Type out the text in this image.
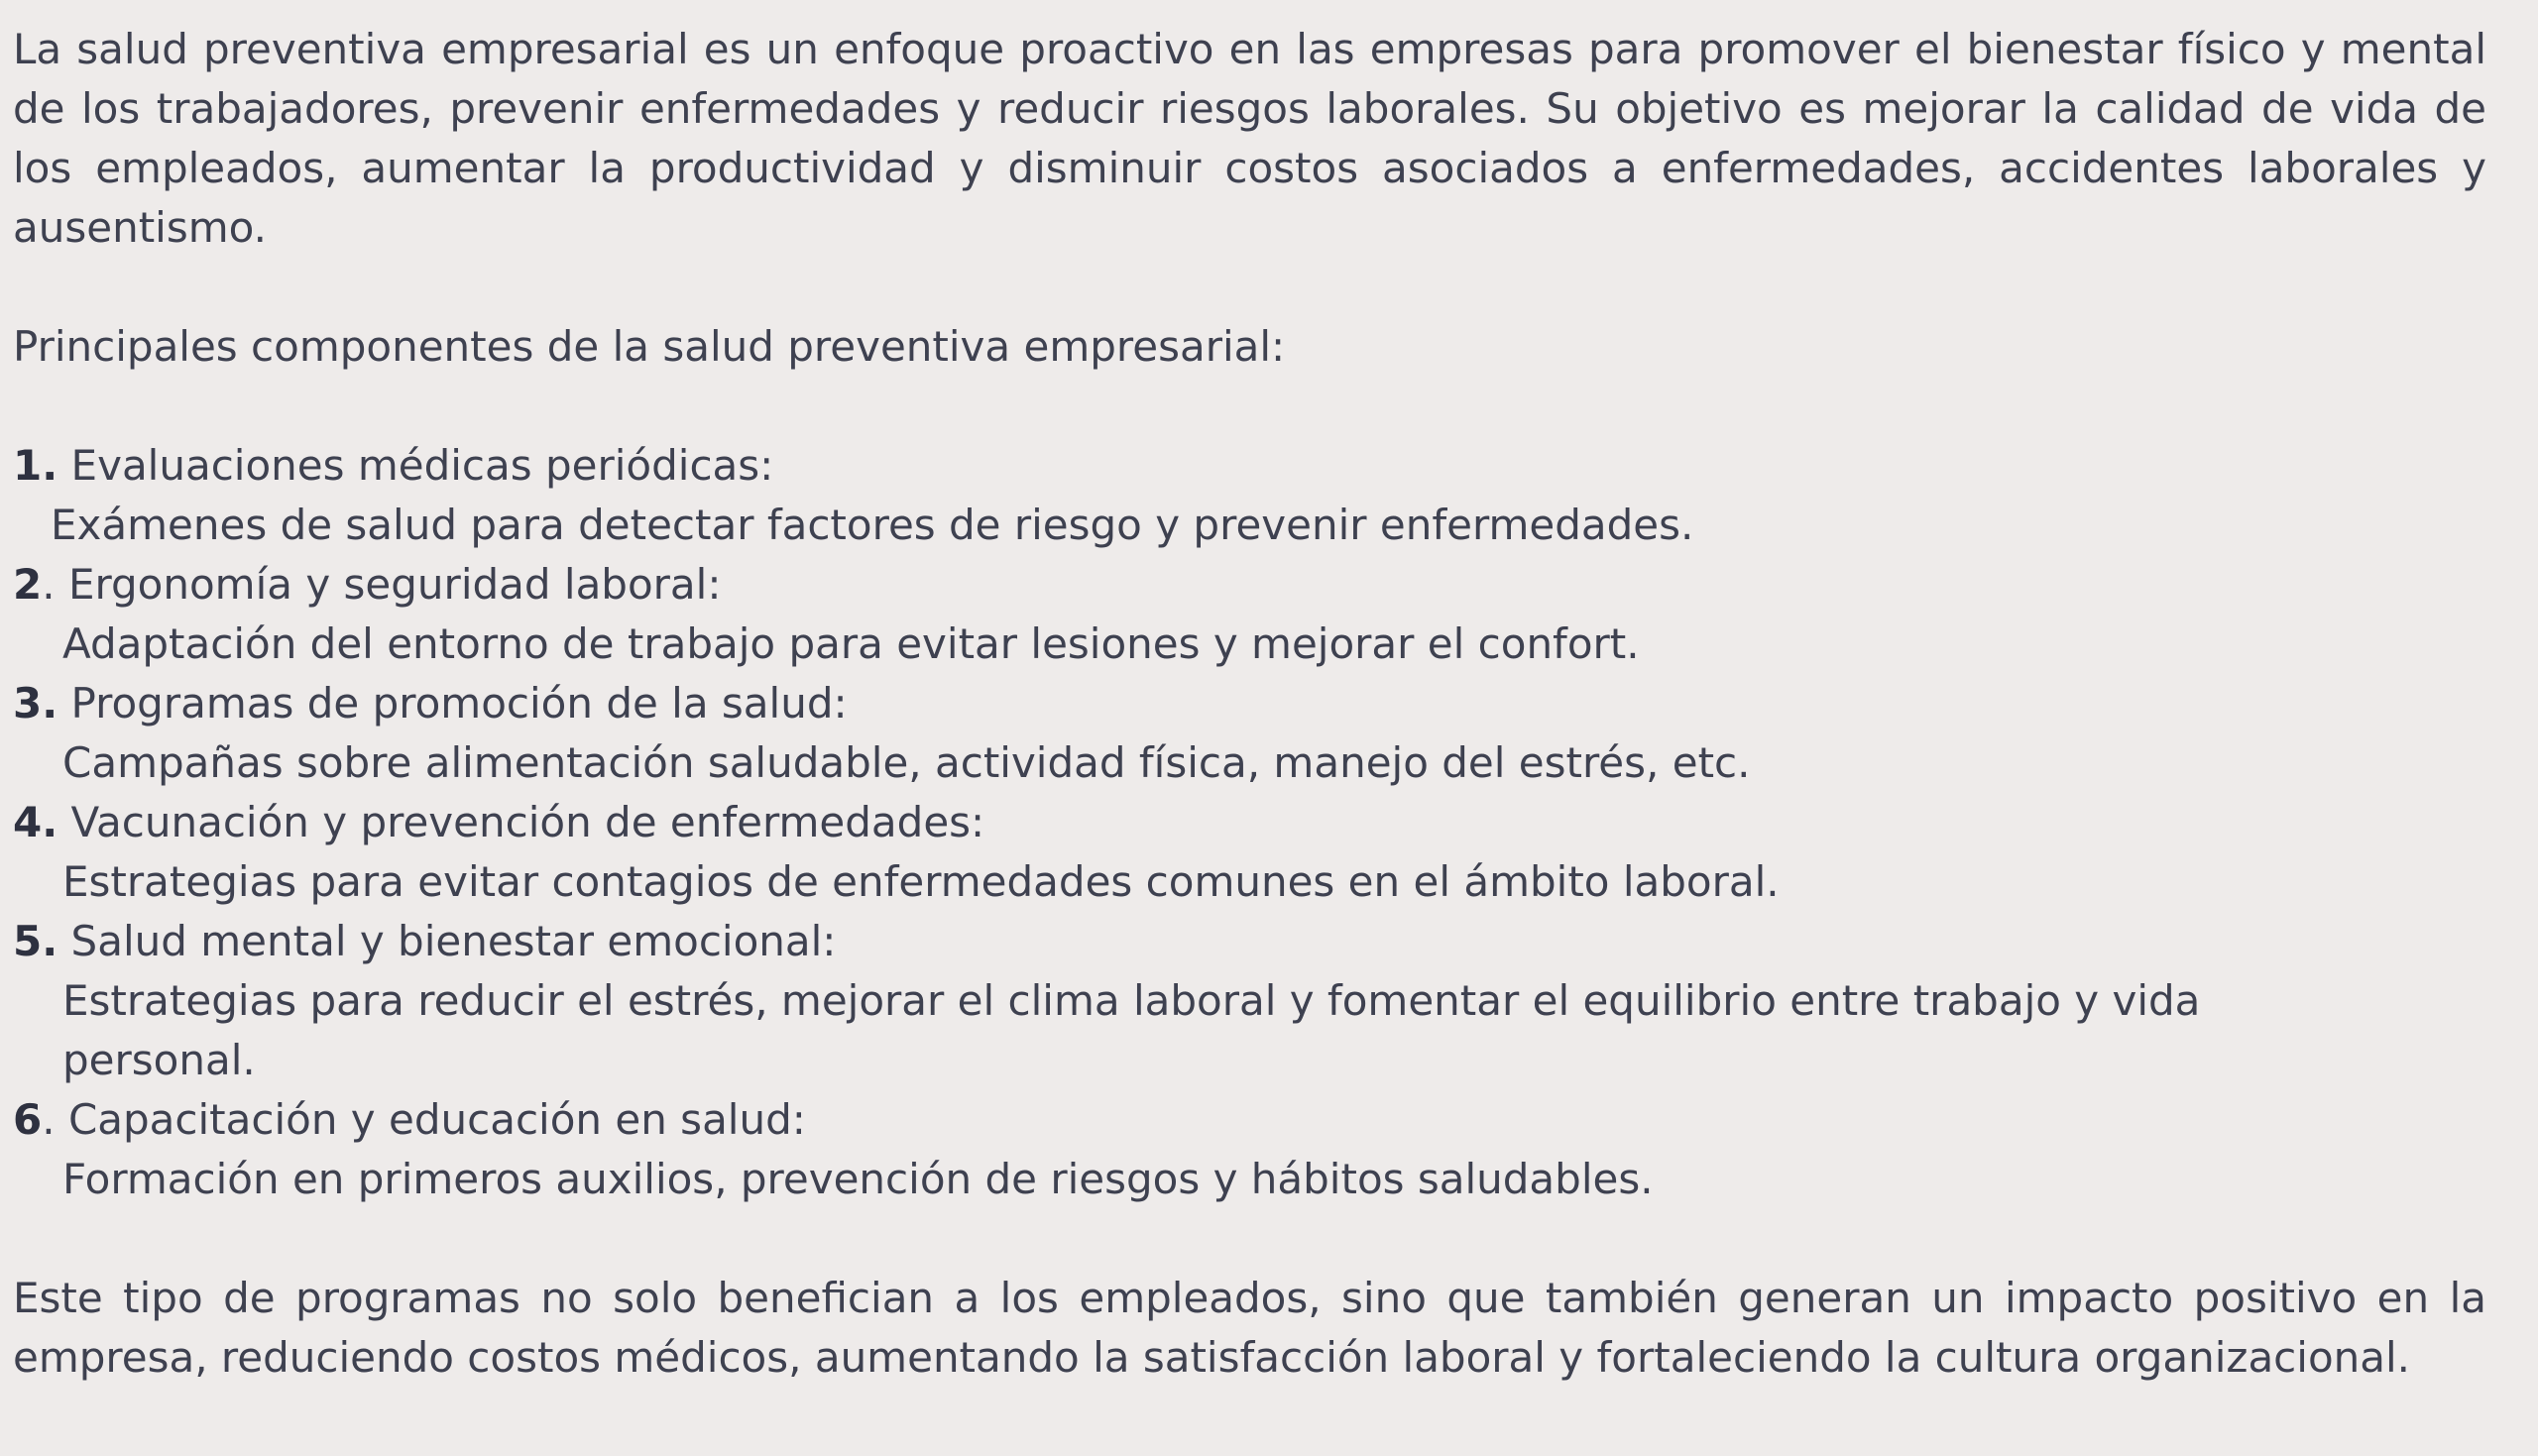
La salud preventiva empresarial es un enfoque proactivo en las empresas para promover el bienestar físico y mental de los trabajadores, prevenir enfermedades y reducir riesgos laborales. Su objetivo es mejorar la calidad de vida de los empleados, aumentar la productividad y disminuir costos asociados a enfermedades, accidentes laborales y ausentismo.

Principales componentes de la salud preventiva empresarial:

1. Evaluaciones médicas periódicas:

Exámenes de salud para detectar factores de riesgo y prevenir enfermedades.

2. Ergonomía y seguridad laboral:

Adaptación del entorno de trabajo para evitar lesiones y mejorar el confort.

3. Programas de promoción de la salud:

Campañas sobre alimentación saludable, actividad física, manejo del estrés, etc.

4. Vacunación y prevención de enfermedades:

Estrategias para evitar contagios de enfermedades comunes en el ámbito laboral.

5. Salud mental y bienestar emocional:

Estrategias para reducir el estrés, mejorar el clima laboral y fomentar el equilibrio entre trabajo y vida personal.

6. Capacitación y educación en salud:

Formación en primeros auxilios, prevención de riesgos y hábitos saludables.

Este tipo de programas no solo benefician a los empleados, sino que también generan un impacto positivo en la empresa, reduciendo costos médicos, aumentando la satisfacción laboral y fortaleciendo la cultura organizacional.
